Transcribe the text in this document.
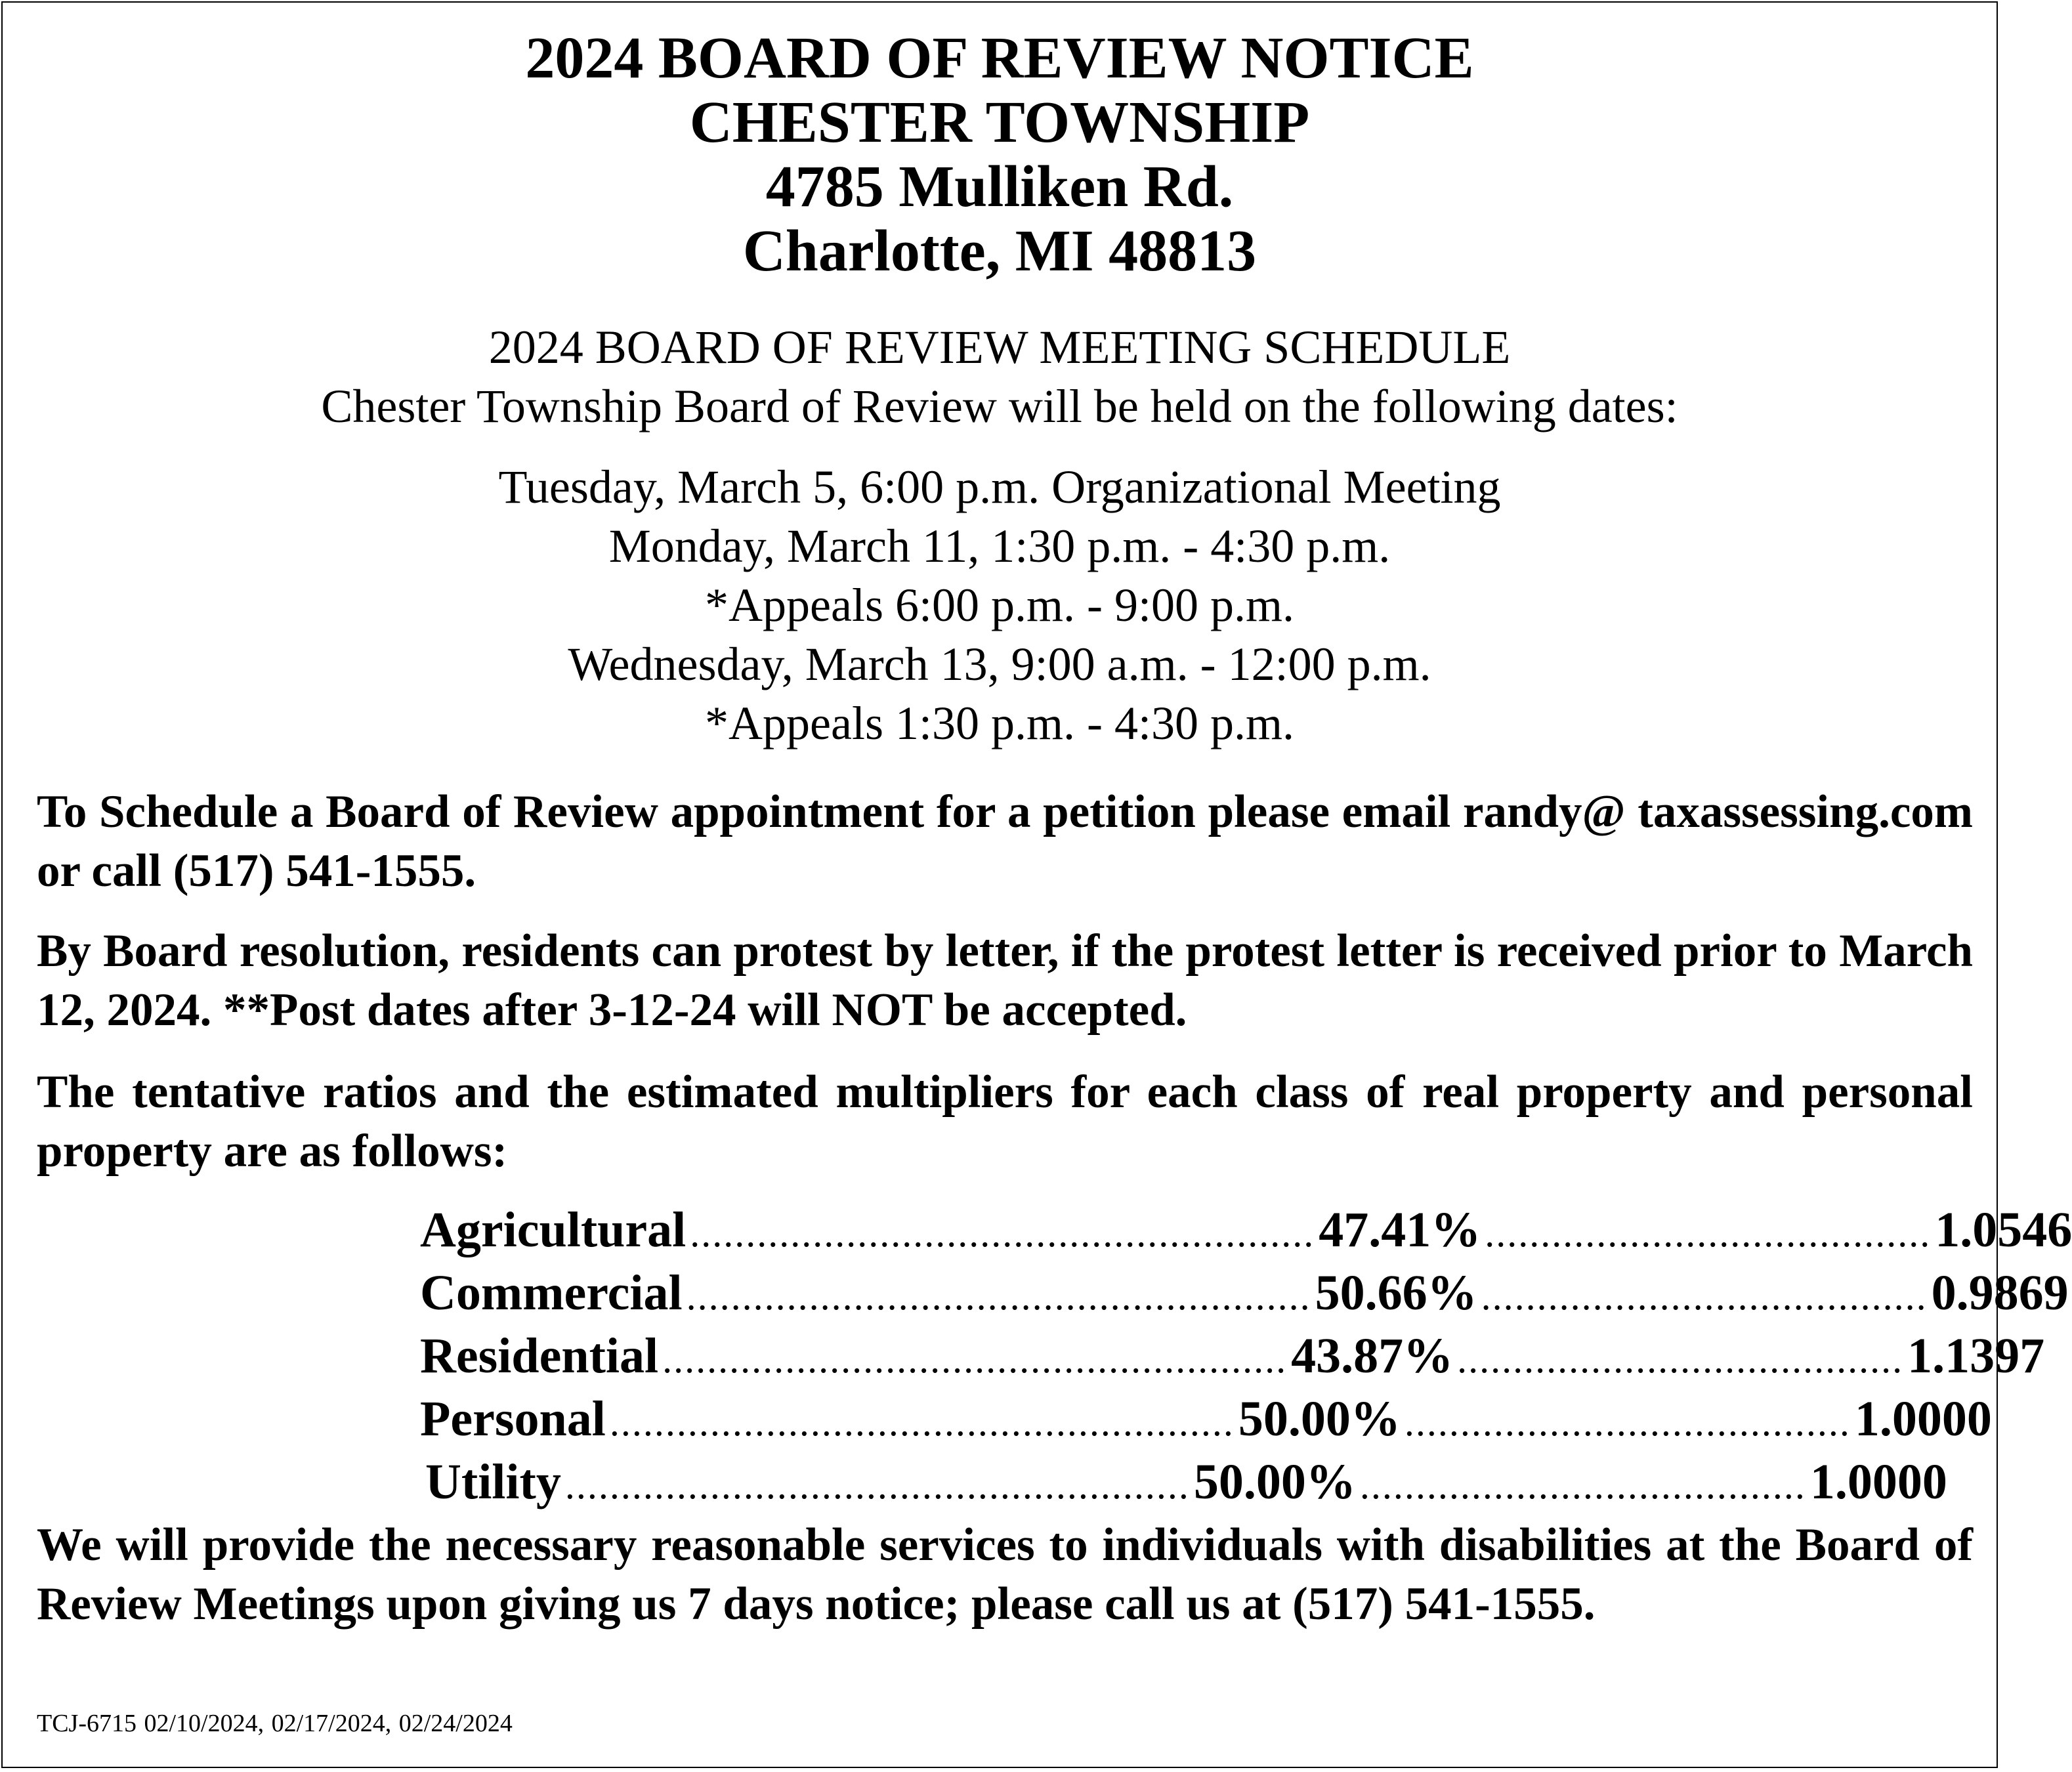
2024 BOARD OF REVIEW NOTICE
CHESTER TOWNSHIP
4785 Mulliken Rd.
Charlotte, MI 48813
2024 BOARD OF REVIEW MEETING SCHEDULE
Chester Township Board of Review will be held on the following dates:
Tuesday, March 5, 6:00 p.m. Organizational Meeting
Monday, March 11, 1:30 p.m. - 4:30 p.m.
*Appeals 6:00 p.m. - 9:00 p.m.
Wednesday, March 13, 9:00 a.m. - 12:00 p.m.
*Appeals 1:30 p.m. - 4:30 p.m.
To Schedule a Board of Review appointment for a petition please email randy@ taxassessing.com or call (517) 541-1555.
By Board resolution, residents can protest by letter, if the protest letter is received prior to March 12, 2024. **Post dates after 3-12-24 will NOT be accepted.
The tentative ratios and the estimated multipliers for each class of real property and personal property are as follows:
Agricultural ........................................................ 47.41% ........................................ 1.0546
Commercial ........................................................ 50.66% ........................................ 0.9869
Residential ........................................................ 43.87% ........................................ 1.1397
Personal ........................................................ 50.00% ........................................ 1.0000
Utility ........................................................ 50.00% ........................................ 1.0000
We will provide the necessary reasonable services to individuals with disabilities at the Board of Review Meetings upon giving us 7 days notice; please call us at (517) 541-1555.
TCJ-6715 02/10/2024, 02/17/2024, 02/24/2024
